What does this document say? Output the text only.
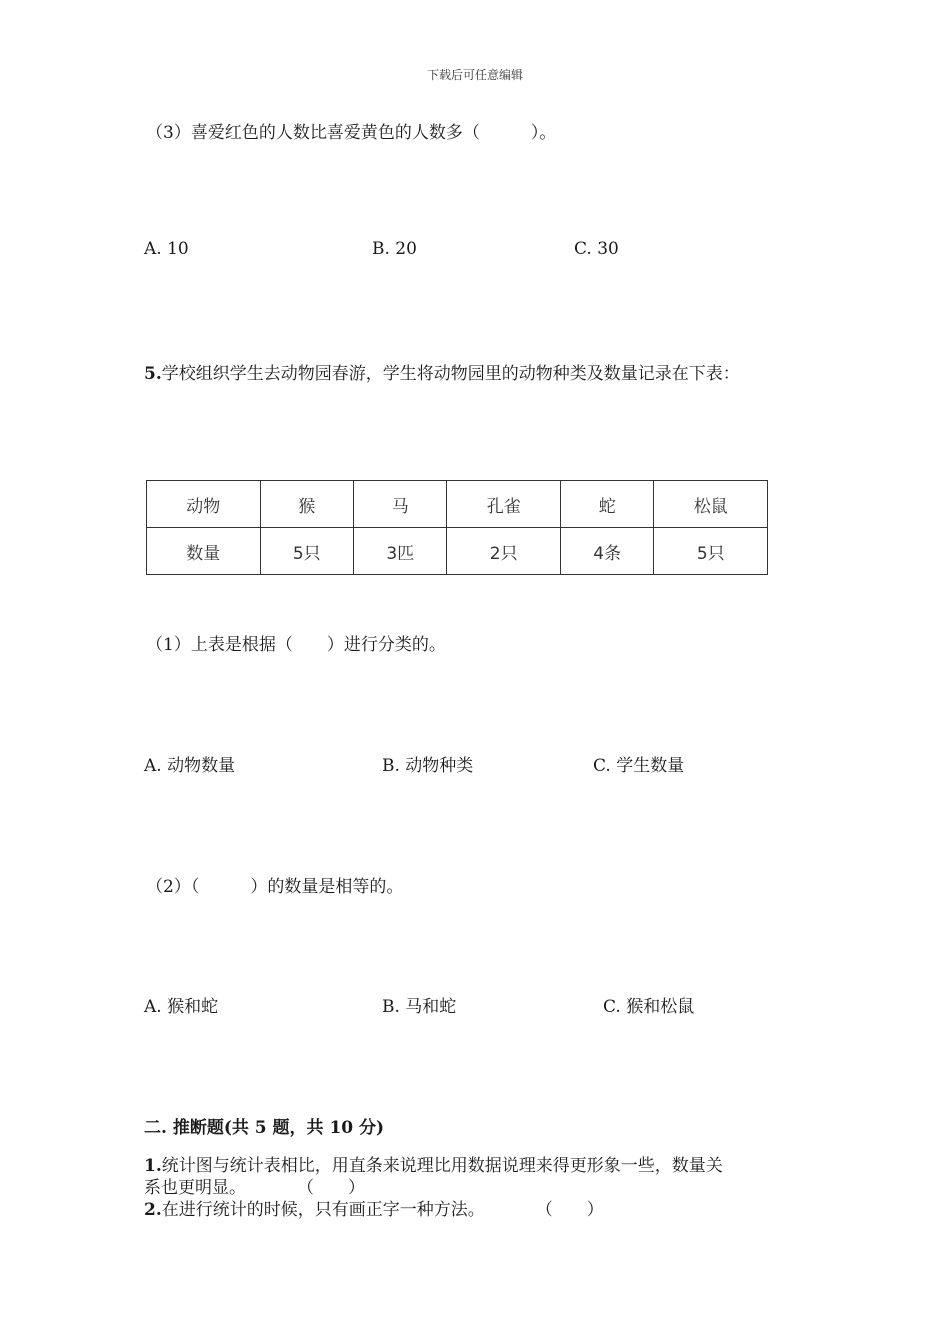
下载后可任意编辑
（3）喜爱红色的人数比喜爱黄色的人数多（　　　）。
A. 10	B. 20	C. 30
5.学校组织学生去动物园春游，学生将动物园里的动物种类及数量记录在下表：
动物	猴	马	孔雀	蛇	松鼠
数量	5只	3匹	2只	4条	5只
（1）上表是根据（　　）进行分类的。
A. 动物数量	B. 动物种类	C. 学生数量
（2）（　　　）的数量是相等的。
A. 猴和蛇	B. 马和蛇	C. 猴和松鼠
二. 推断题(共 5 题，共 10 分)
1.统计图与统计表相比，用直条来说理比用数据说理来得更形象一些，数量关
系也更明显。　　　　（　　）
2.在进行统计的时候，只有画正字一种方法。　　　　（　　）
